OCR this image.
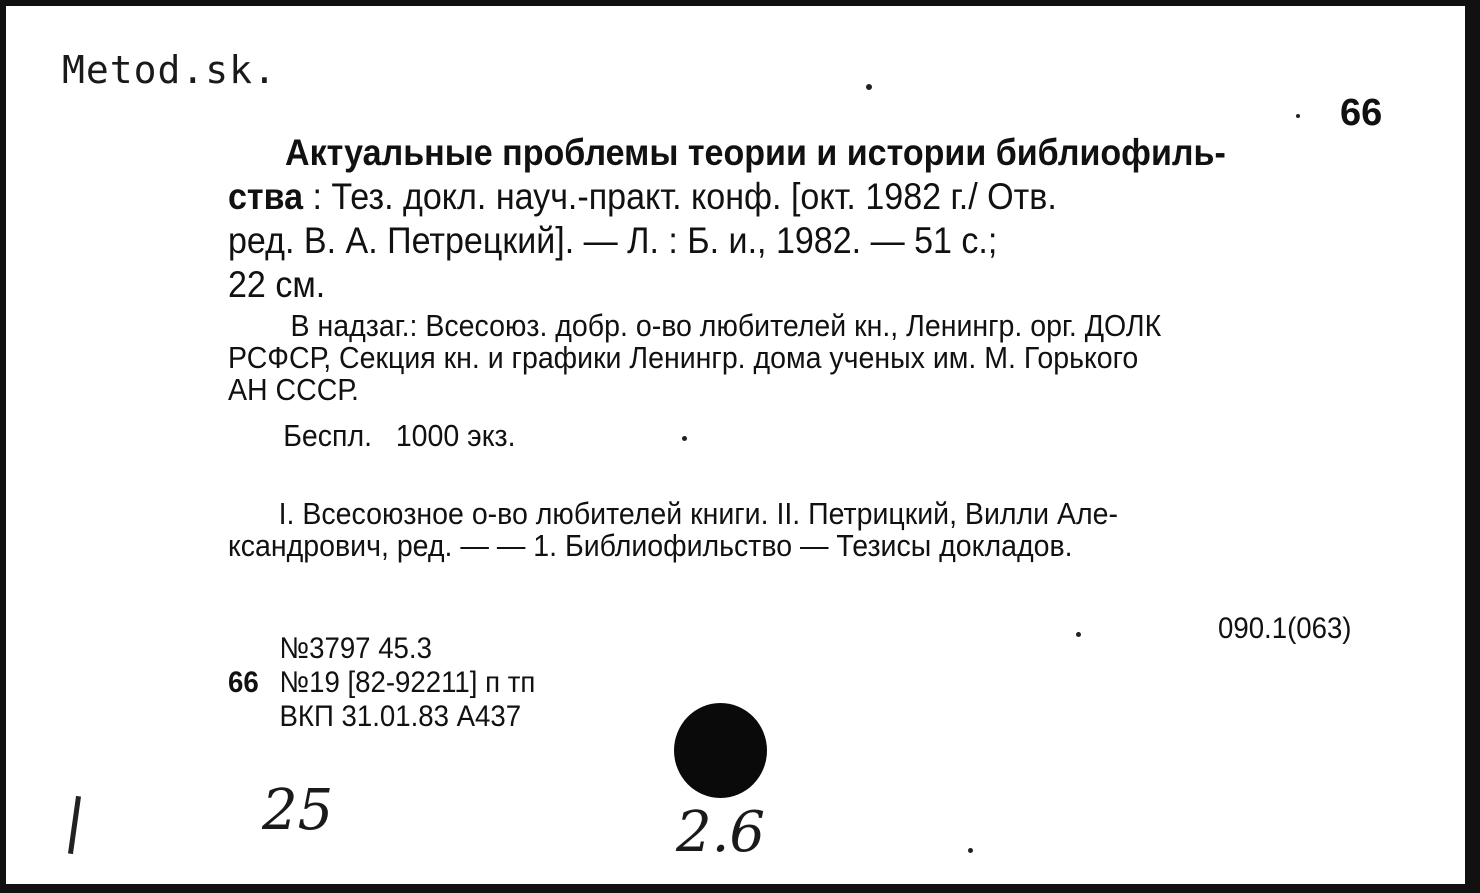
Metod.sk.
66
Актуальные проблемы теории и истории библиофиль-
ства : Тез. докл. науч.-практ. конф. [окт. 1982 г./ Отв.
ред. В. А. Петрецкий]. — Л. : Б. и., 1982. — 51 с.;
22 см.
В надзаг.: Всесоюз. добр. о-во любителей кн., Ленингр. орг. ДОЛК
РСФСР, Секция кн. и графики Ленингр. дома ученых им. М. Горького
АН СССР.
Беспл.   1000 экз.
I. Всесоюзное о-во любителей книги. II. Петрицкий, Вилли Але-
ксандрович, ред. — — 1. Библиофильство — Тезисы докладов.
090.1(063)
№3797 45.3
66 №19 [82-92211] п тп
ВКП 31.01.83 А437
25	2.6
